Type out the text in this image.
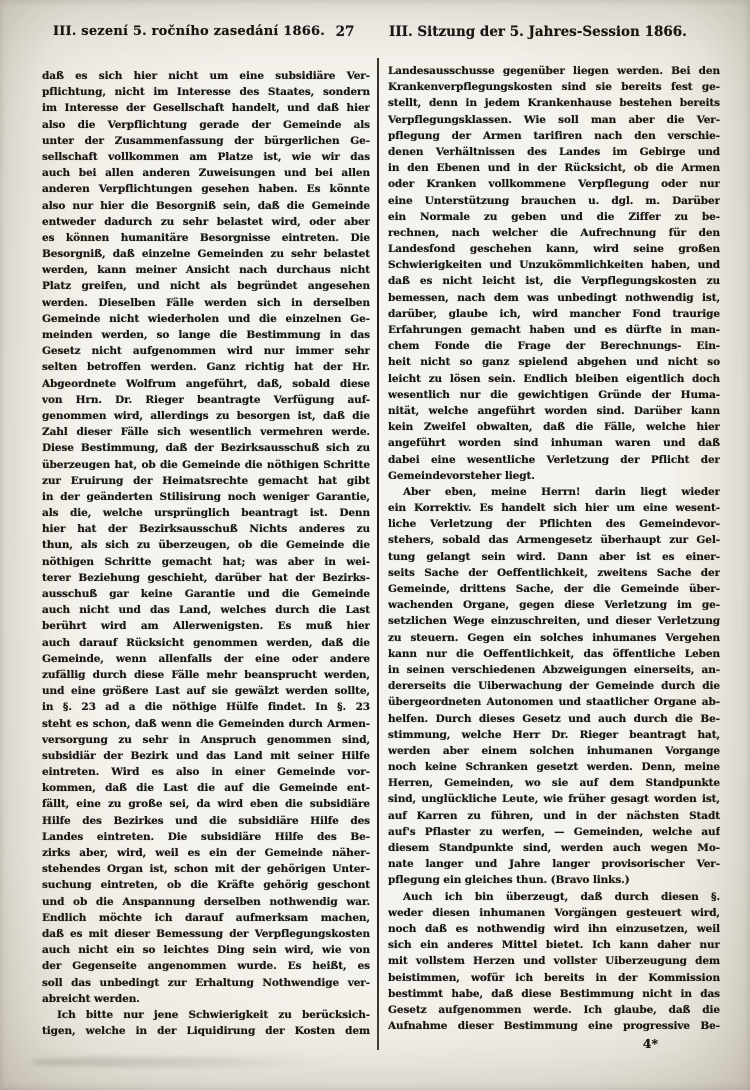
III. sezení 5. ročního zasedání 1866. 27	III. Sitzung der 5. Jahres-Session 1866.
daß es sich hier nicht um eine subsidiäre Ver-
pflichtung, nicht im Interesse des Staates, sondern
im Interesse der Gesellschaft handelt, und daß hier
also die Verpflichtung gerade der Gemeinde als
unter der Zusammenfassung der bürgerlichen Ge-
sellschaft vollkommen am Platze ist, wie wir das
auch bei allen anderen Zuweisungen und bei allen
anderen Verpflichtungen gesehen haben. Es könnte
also nur hier die Besorgniß sein, daß die Gemeinde
entweder dadurch zu sehr belastet wird, oder aber
es können humanitäre Besorgnisse eintreten. Die
Besorgniß, daß einzelne Gemeinden zu sehr belastet
werden, kann meiner Ansicht nach durchaus nicht
Platz greifen, und nicht als begründet angesehen
werden. Dieselben Fälle werden sich in derselben
Gemeinde nicht wiederholen und die einzelnen Ge-
meinden werden, so lange die Bestimmung in das
Gesetz nicht aufgenommen wird nur immer sehr
selten betroffen werden. Ganz richtig hat der Hr.
Abgeordnete Wolfrum angeführt, daß, sobald diese
von Hrn. Dr. Rieger beantragte Verfügung auf-
genommen wird, allerdings zu besorgen ist, daß die
Zahl dieser Fälle sich wesentlich vermehren werde.
Diese Bestimmung, daß der Bezirksausschuß sich zu
überzeugen hat, ob die Gemeinde die nöthigen Schritte
zur Eruirung der Heimatsrechte gemacht hat gibt
in der geänderten Stilisirung noch weniger Garantie,
als die, welche ursprünglich beantragt ist. Denn
hier hat der Bezirksausschuß Nichts anderes zu
thun, als sich zu überzeugen, ob die Gemeinde die
nöthigen Schritte gemacht hat; was aber in wei-
terer Beziehung geschieht, darüber hat der Bezirks-
ausschuß gar keine Garantie und die Gemeinde
auch nicht und das Land, welches durch die Last
berührt wird am Allerwenigsten. Es muß hier
auch darauf Rücksicht genommen werden, daß die
Gemeinde, wenn allenfalls der eine oder andere
zufällig durch diese Fälle mehr beansprucht werden,
und eine größere Last auf sie gewälzt werden sollte,
in §. 23 ad a die nöthige Hülfe findet. In §. 23
steht es schon, daß wenn die Gemeinden durch Armen-
versorgung zu sehr in Anspruch genommen sind,
subsidiär der Bezirk und das Land mit seiner Hilfe
eintreten. Wird es also in einer Gemeinde vor-
kommen, daß die Last die auf die Gemeinde ent-
fällt, eine zu große sei, da wird eben die subsidiäre
Hilfe des Bezirkes und die subsidiäre Hilfe des
Landes eintreten. Die subsidiäre Hilfe des Be-
zirks aber, wird, weil es ein der Gemeinde näher-
stehendes Organ ist, schon mit der gehörigen Unter-
suchung eintreten, ob die Kräfte gehörig geschont
und ob die Anspannung derselben nothwendig war.
Endlich möchte ich darauf aufmerksam machen,
daß es mit dieser Bemessung der Verpflegungskosten
auch nicht ein so leichtes Ding sein wird, wie von
der Gegenseite angenommen wurde. Es heißt, es
soll das unbedingt zur Erhaltung Nothwendige ver-
abreicht werden.
Ich bitte nur jene Schwierigkeit zu berücksich-
tigen, welche in der Liquidirung der Kosten dem
Landesausschusse gegenüber liegen werden. Bei den
Krankenverpflegungskosten sind sie bereits fest ge-
stellt, denn in jedem Krankenhause bestehen bereits
Verpflegungsklassen. Wie soll man aber die Ver-
pflegung der Armen tarifiren nach den verschie-
denen Verhältnissen des Landes im Gebirge und
in den Ebenen und in der Rücksicht, ob die Armen
oder Kranken vollkommene Verpflegung oder nur
eine Unterstützung brauchen u. dgl. m. Darüber
ein Normale zu geben und die Ziffer zu be-
rechnen, nach welcher die Aufrechnung für den
Landesfond geschehen kann, wird seine großen
Schwierigkeiten und Unzukömmlichkeiten haben, und
daß es nicht leicht ist, die Verpflegungskosten zu
bemessen, nach dem was unbedingt nothwendig ist,
darüber, glaube ich, wird mancher Fond traurige
Erfahrungen gemacht haben und es dürfte in man-
chem Fonde die Frage der Berechnungs- Ein-
heit nicht so ganz spielend abgehen und nicht so
leicht zu lösen sein. Endlich bleiben eigentlich doch
wesentlich nur die gewichtigen Gründe der Huma-
nität, welche angeführt worden sind. Darüber kann
kein Zweifel obwalten, daß die Fälle, welche hier
angeführt worden sind inhuman waren und daß
dabei eine wesentliche Verletzung der Pflicht der
Gemeindevorsteher liegt.
Aber eben, meine Herrn! darin liegt wieder
ein Korrektiv. Es handelt sich hier um eine wesent-
liche Verletzung der Pflichten des Gemeindevor-
stehers, sobald das Armengesetz überhaupt zur Gel-
tung gelangt sein wird. Dann aber ist es einer-
seits Sache der Oeffentlichkeit, zweitens Sache der
Gemeinde, drittens Sache, der die Gemeinde über-
wachenden Organe, gegen diese Verletzung im ge-
setzlichen Wege einzuschreiten, und dieser Verletzung
zu steuern. Gegen ein solches inhumanes Vergehen
kann nur die Oeffentlichkeit, das öffentliche Leben
in seinen verschiedenen Abzweigungen einerseits, an-
dererseits die Uiberwachung der Gemeinde durch die
übergeordneten Autonomen und staatlicher Organe ab-
helfen. Durch dieses Gesetz und auch durch die Be-
stimmung, welche Herr Dr. Rieger beantragt hat,
werden aber einem solchen inhumanen Vorgange
noch keine Schranken gesetzt werden. Denn, meine
Herren, Gemeinden, wo sie auf dem Standpunkte
sind, unglückliche Leute, wie früher gesagt worden ist,
auf Karren zu führen, und in der nächsten Stadt
auf's Pflaster zu werfen, — Gemeinden, welche auf
diesem Standpunkte sind, werden auch wegen Mo-
nate langer und Jahre langer provisorischer Ver-
pflegung ein gleiches thun. (Bravo links.)
Auch ich bin überzeugt, daß durch diesen §.
weder diesen inhumanen Vorgängen gesteuert wird,
noch daß es nothwendig wird ihn einzusetzen, weil
sich ein anderes Mittel bietet. Ich kann daher nur
mit vollstem Herzen und vollster Uiberzeugung dem
beistimmen, wofür ich bereits in der Kommission
bestimmt habe, daß diese Bestimmung nicht in das
Gesetz aufgenommen werde. Ich glaube, daß die
Aufnahme dieser Bestimmung eine progressive Be-
4*
